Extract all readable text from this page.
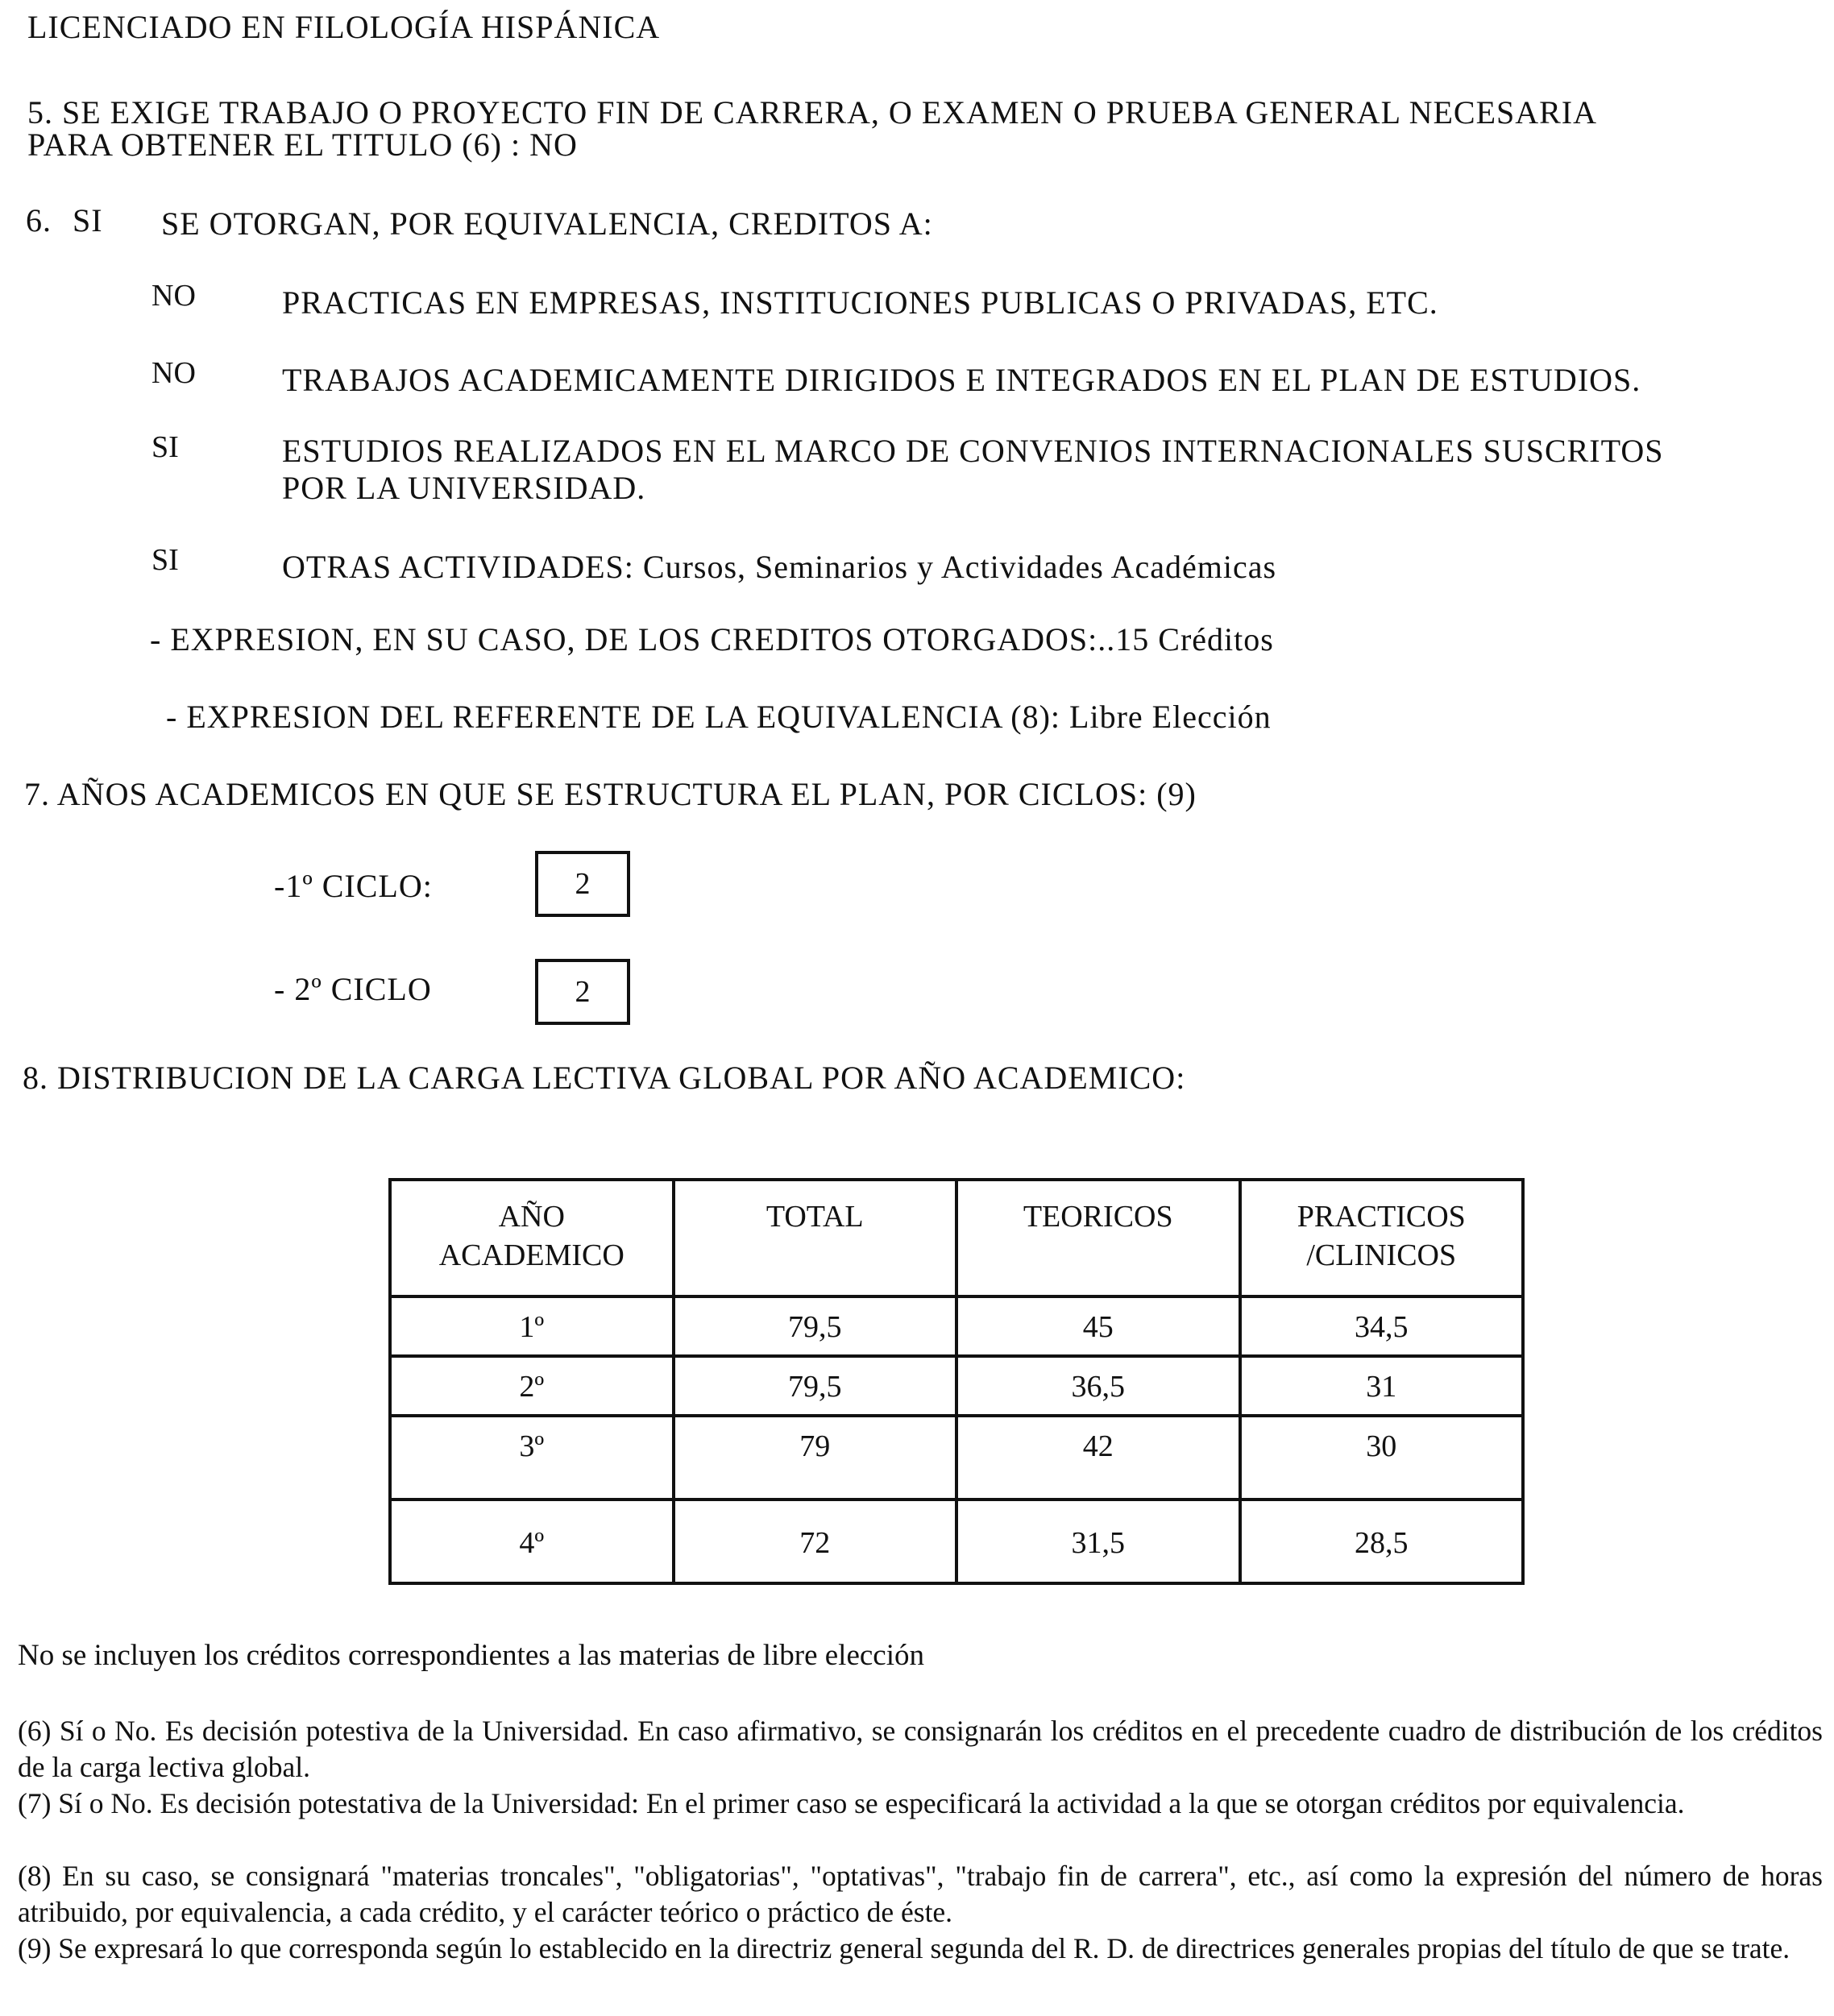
LICENCIADO EN FILOLOGÍA HISPÁNICA
5. SE EXIGE TRABAJO O PROYECTO FIN DE CARRERA, O EXAMEN O PRUEBA GENERAL NECESARIA
PARA OBTENER EL TITULO (6) : NO
6. SI SE OTORGAN, POR EQUIVALENCIA, CREDITOS A:
NO	PRACTICAS EN EMPRESAS, INSTITUCIONES PUBLICAS O PRIVADAS, ETC.
NO	TRABAJOS ACADEMICAMENTE DIRIGIDOS E INTEGRADOS EN EL PLAN DE ESTUDIOS.
SI	ESTUDIOS REALIZADOS EN EL MARCO DE CONVENIOS INTERNACIONALES SUSCRITOS
POR LA UNIVERSIDAD.
SI	OTRAS ACTIVIDADES: Cursos, Seminarios y Actividades Académicas
- EXPRESION, EN SU CASO, DE LOS CREDITOS OTORGADOS:..15 Créditos
- EXPRESION DEL REFERENTE DE LA EQUIVALENCIA (8): Libre Elección
7. AÑOS ACADEMICOS EN QUE SE ESTRUCTURA EL PLAN, POR CICLOS: (9)
-1º CICLO:	2
- 2º CICLO	2
8. DISTRIBUCION DE LA CARGA LECTIVA GLOBAL POR AÑO ACADEMICO:
AÑO
ACADEMICO	TOTAL	TEORICOS	PRACTICOS
/CLINICOS
1º	79,5	45	34,5
2º	79,5	36,5	31
3º	79	42	30
4º	72	31,5	28,5
No se incluyen los créditos correspondientes a las materias de libre elección
(6) Sí o No. Es decisión potestiva de la Universidad. En caso afirmativo, se consignarán los créditos en el precedente cuadro de distribución de los créditos de la carga lectiva global.
(7) Sí o No. Es decisión potestativa de la Universidad: En el primer caso se especificará la actividad a la que se otorgan créditos por equivalencia.
(8) En su caso, se consignará "materias troncales", "obligatorias", "optativas", "trabajo fin de carrera", etc., así como la expresión del número de horas atribuido, por equivalencia, a cada crédito, y el carácter teórico o práctico de éste.
(9) Se expresará lo que corresponda según lo establecido en la directriz general segunda del R. D. de directrices generales propias del título de que se trate.
